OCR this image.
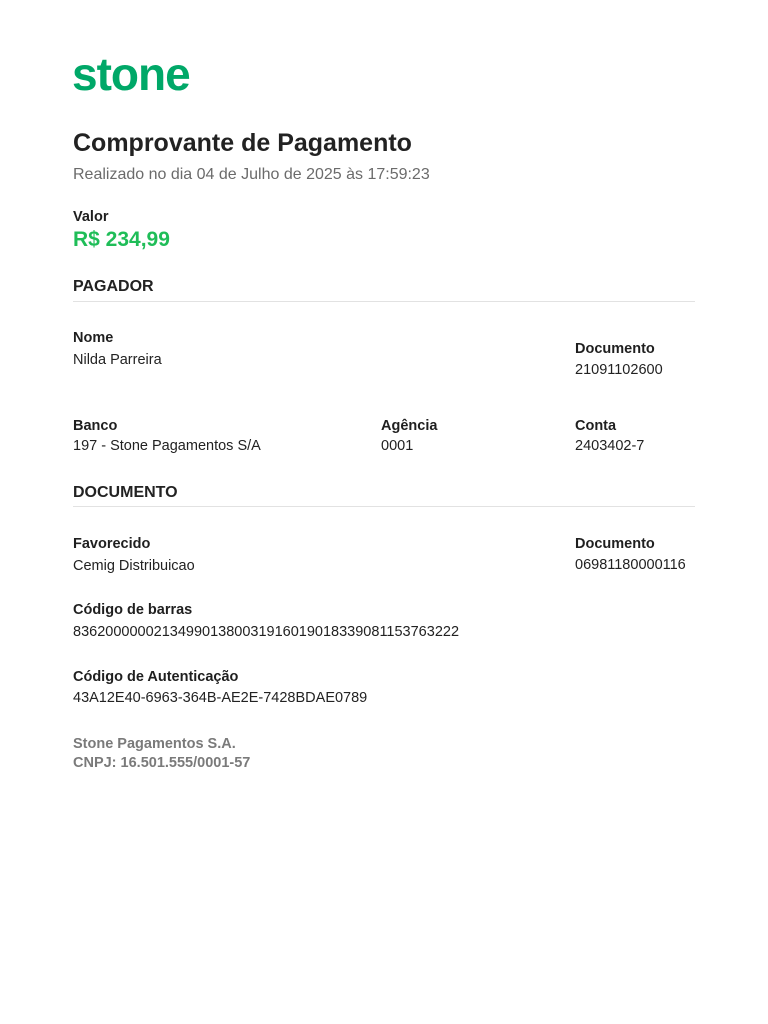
stone
Comprovante de Pagamento
Realizado no dia 04 de Julho de 2025 às 17:59:23
Valor
R$ 234,99
PAGADOR
Nome
Nilda Parreira
Documento
21091102600
Banco
197 - Stone Pagamentos S/A
Agência
0001
Conta
2403402-7
DOCUMENTO
Favorecido
Cemig Distribuicao
Documento
06981180000116
Código de barras
836200000021349901380031916019018339081153763222
Código de Autenticação
43A12E40-6963-364B-AE2E-7428BDAE0789
Stone Pagamentos S.A.
CNPJ: 16.501.555/0001-57
